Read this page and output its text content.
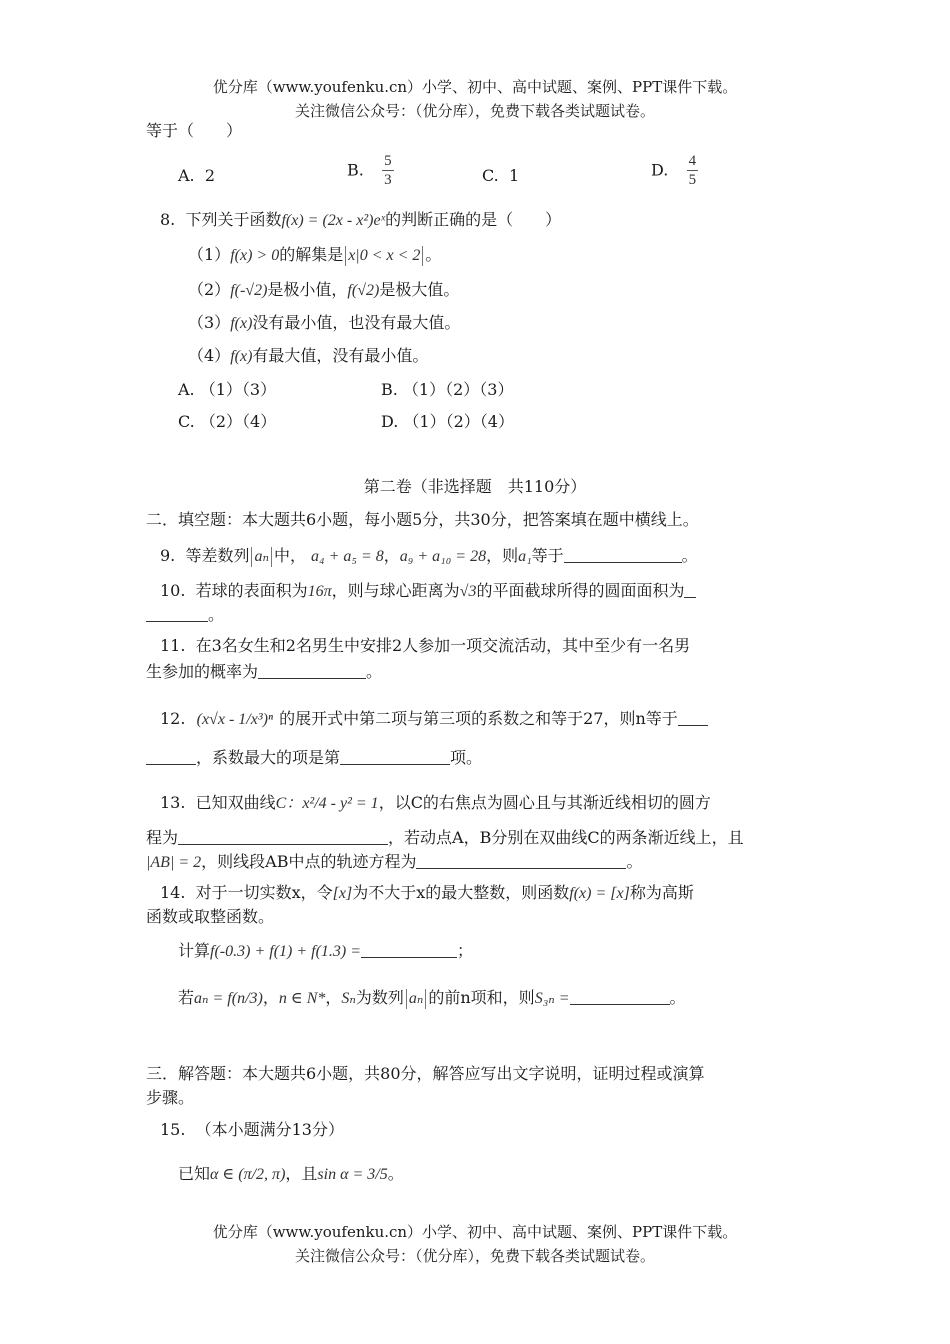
优分库（www.youfenku.cn）小学、初中、高中试题、案例、PPT课件下载。
关注微信公众号：（优分库），免费下载各类试题试卷。
等于（　　）
A. 2	B. $\frac{5}{3}$	C. 1	D. $\frac{4}{5}$
8. 下列关于函数f(x) = (2x - x²)eˣ的判断正确的是（　　）
（1）f(x) > 0的解集是 x|0 < x < 2 。
（2）f(-√2)是极小值，f(√2)是极大值。
（3）f(x)没有最小值，也没有最大值。
（4）f(x)有最大值，没有最小值。
A. （1）（3）	B. （1）（2）（3）
C. （2）（4）	D. （1）（2）（4）
第二卷（非选择题　共110分）
二．填空题：本大题共6小题，每小题5分，共30分，把答案填在题中横线上。
9. 等差数列 aₙ 中， a₄ + a₅ = 8，a₉ + a₁₀ = 28，则a₁等于	。
10. 若球的表面积为16π，则与球心距离为√3的平面截球所得的圆面面积为
。
11. 在3名女生和2名男生中安排2人参加一项交流活动，其中至少有一名男
生参加的概率为	。
12. (x√x - 1/x³)ⁿ 的展开式中第二项与第三项的系数之和等于27，则n等于
，系数最大的项是第	项。
13. 已知双曲线C：x²/4 - y² = 1，以C的右焦点为圆心且与其渐近线相切的圆方
程为	，若动点A，B分别在双曲线C的两条渐近线上，且
|AB| = 2，则线段AB中点的轨迹方程为	。
14. 对于一切实数x，令[x]为不大于x的最大整数，则函数f(x) = [x]称为高斯
函数或取整函数。
计算f(-0.3) + f(1) + f(1.3) =	；
若aₙ = f(n/3)，n ∈ N*，Sₙ为数列 aₙ 的前n项和，则S₃ₙ =	。
三．解答题：本大题共6小题，共80分，解答应写出文字说明，证明过程或演算
步骤。
15. （本小题满分13分）
已知α ∈ (π/2, π)，且sin α = 3/5。
优分库（www.youfenku.cn）小学、初中、高中试题、案例、PPT课件下载。
关注微信公众号：（优分库），免费下载各类试题试卷。
